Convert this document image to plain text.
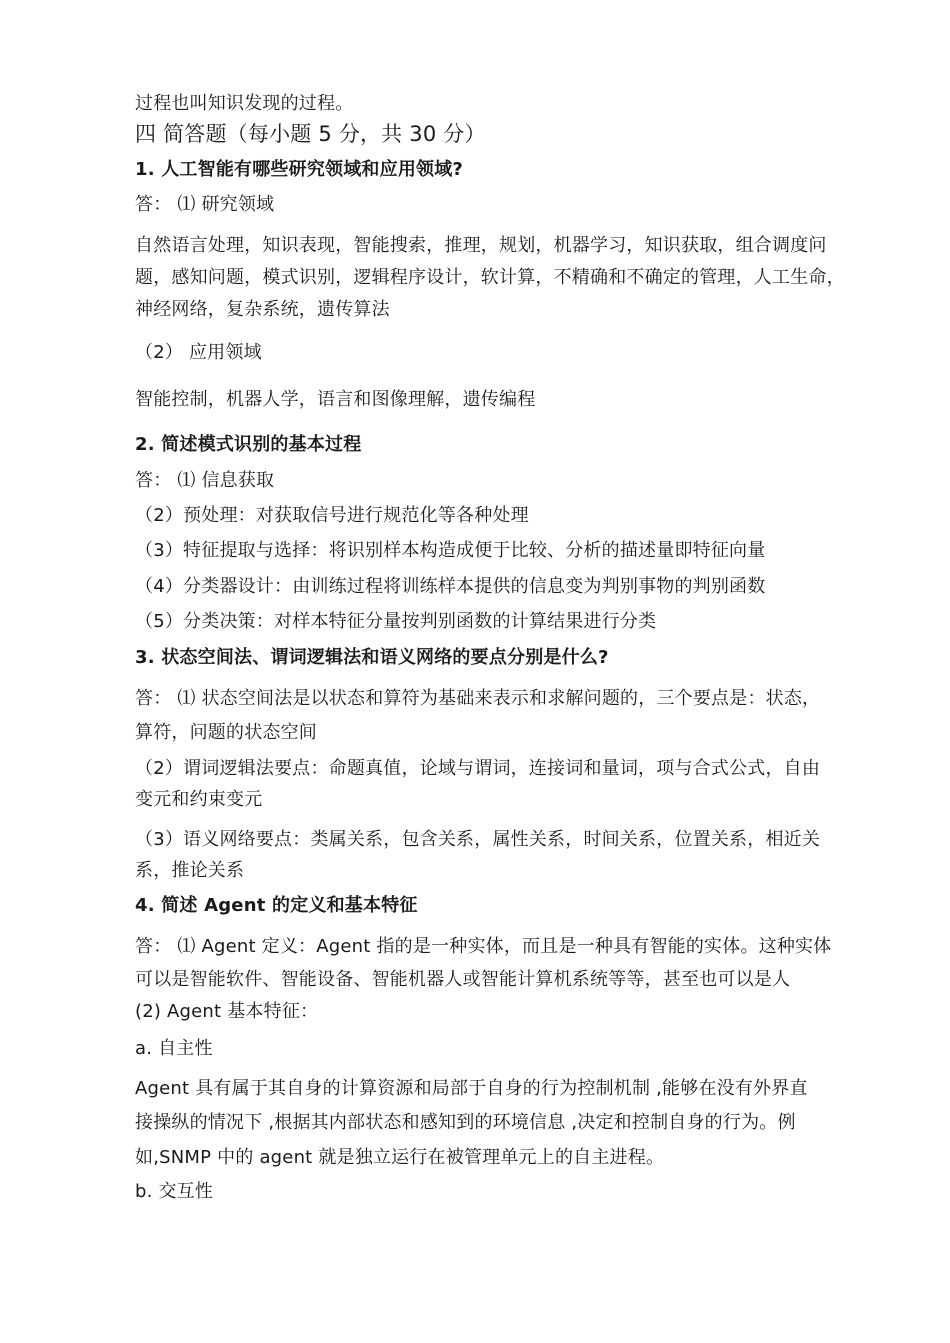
过程也叫知识发现的过程。
四 简答题（每小题 5 分，共 30 分）
1. 人工智能有哪些研究领域和应用领域?
答： ⑴ 研究领域
自然语言处理，知识表现，智能搜索，推理，规划，机器学习，知识获取，组合调度问
题，感知问题，模式识别，逻辑程序设计，软计算，不精确和不确定的管理，人工生命，
神经网络，复杂系统，遗传算法
（2） 应用领域
智能控制，机器人学，语言和图像理解，遗传编程
2. 简述模式识别的基本过程
答： ⑴ 信息获取
（2）预处理：对获取信号进行规范化等各种处理
（3）特征提取与选择：将识别样本构造成便于比较、分析的描述量即特征向量
（4）分类器设计：由训练过程将训练样本提供的信息变为判别事物的判别函数
（5）分类决策：对样本特征分量按判别函数的计算结果进行分类
3. 状态空间法、谓词逻辑法和语义网络的要点分别是什么?
答： ⑴ 状态空间法是以状态和算符为基础来表示和求解问题的，三个要点是：状态，
算符，问题的状态空间
（2）谓词逻辑法要点：命题真值，论域与谓词，连接词和量词，项与合式公式，自由
变元和约束变元
（3）语义网络要点：类属关系，包含关系，属性关系，时间关系，位置关系，相近关
系，推论关系
4. 简述 Agent 的定义和基本特征
答： ⑴ Agent 定义：Agent 指的是一种实体，而且是一种具有智能的实体。这种实体
可以是智能软件、智能设备、智能机器人或智能计算机系统等等，甚至也可以是人
(2) Agent 基本特征：
a. 自主性
Agent 具有属于其自身的计算资源和局部于自身的行为控制机制 ,能够在没有外界直
接操纵的情况下 ,根据其内部状态和感知到的环境信息 ,决定和控制自身的行为。例
如,SNMP 中的 agent 就是独立运行在被管理单元上的自主进程。
b. 交互性
